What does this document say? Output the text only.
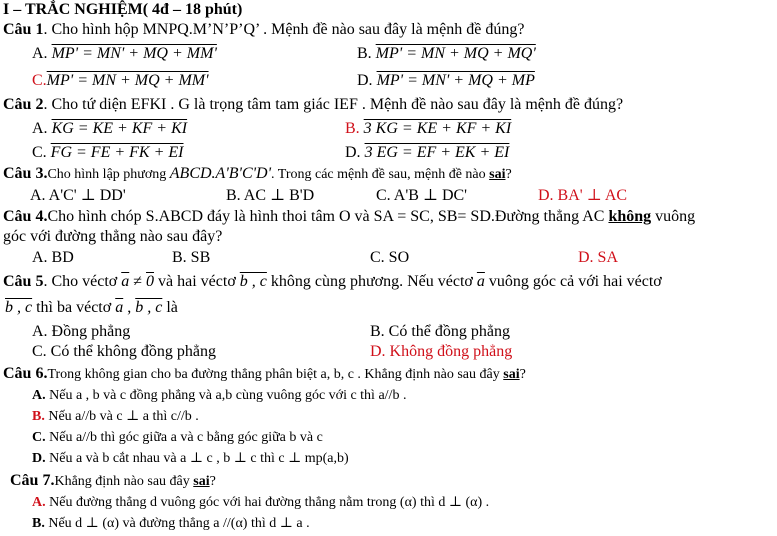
I – TRẮC NGHIỆM( 4đ – 18 phút)
Câu 1. Cho hình hộp MNPQ.M’N’P’Q’ . Mệnh đề nào sau đây là mệnh đề đúng?
A. MP' = MN' + MQ + MM'	B. MP' = MN + MQ + MQ'
C.MP' = MN + MQ + MM'	D. MP' = MN' + MQ + MP
Câu 2. Cho tứ diện EFKI . G là trọng tâm tam giác IEF . Mệnh đề nào sau đây là mệnh đề đúng?
A. KG = KE + KF + KI	B. 3 KG = KE + KF + KI
C. FG = FE + FK + EI	D. 3 EG = EF + EK + EI
Câu 3.Cho hình lập phương ABCD.A'B'C'D'. Trong các mệnh đề sau, mệnh đề nào sai?
A. A'C' ⊥ DD'	B. AC ⊥ B'D	C. A'B ⊥ DC'	D. BA' ⊥ AC
Câu 4.Cho hình chóp S.ABCD đáy là hình thoi tâm O và SA = SC, SB= SD.Đường thẳng AC không vuông
góc với đường thẳng nào sau đây?
A. BD	B. SB	C. SO	D. SA
Câu 5. Cho véctơ $\overline{a} \ne 0$ và hai véctơ b , c không cùng phương. Nếu véctơ $\overline{a}$ vuông góc cả với hai véctơ
b , c thì ba véctơ $\overline{a}$ , b , c là
A. Đồng phẳng	B. Có thể đồng phẳng
C. Có thể không đồng phẳng	D. Không đồng phẳng
Câu 6.Trong không gian cho ba đường thẳng phân biệt a, b, c . Khẳng định nào sau đây sai?
A. Nếu a , b và c đồng phẳng và a,b cùng vuông góc với c thì a//b .
B. Nếu a//b và c ⊥ a thì c//b .
C. Nếu a//b thì góc giữa a và c bằng góc giữa b và c
D. Nếu a và b cắt nhau và a ⊥ c , b ⊥ c thì c ⊥ mp(a,b)
Câu 7.Khẳng định nào sau đây sai?
A. Nếu đường thẳng d vuông góc với hai đường thẳng nằm trong (α) thì d ⊥ (α) .
B. Nếu d ⊥ (α) và đường thẳng a //(α) thì d ⊥ a .
